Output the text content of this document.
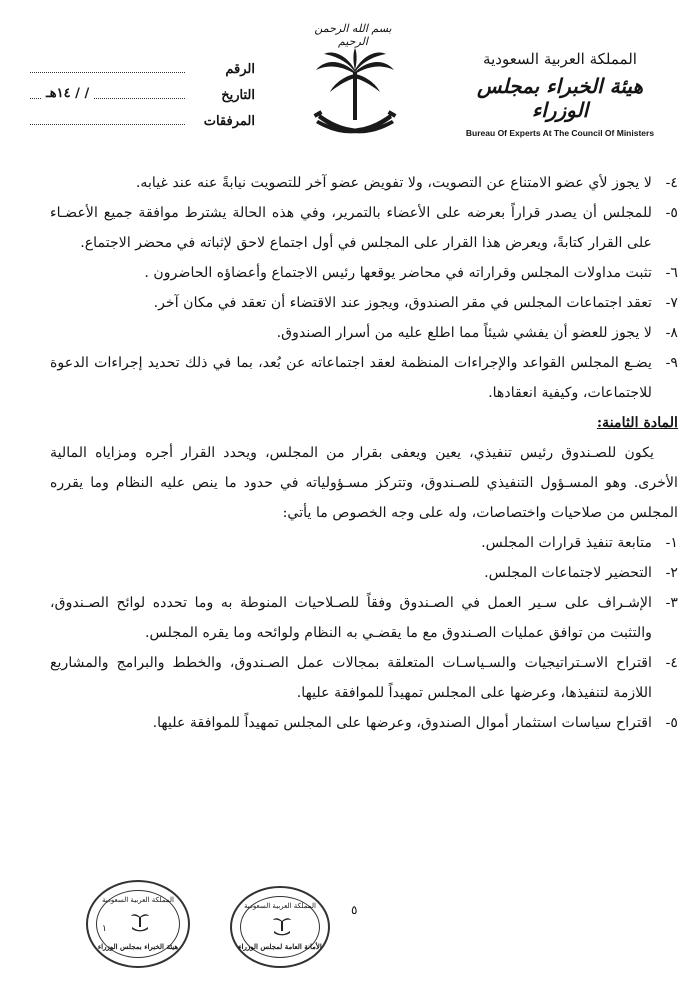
الرقم
التاريخ
/ / ١٤هـ
المرفقات
بسم الله الرحمن الرحيم
المملكة العربية السعودية
هيئة الخبراء بمجلس الوزراء
Bureau Of Experts At The Council Of Ministers

٤-
لا يجوز لأي عضو الامتناع عن التصويت، ولا تفويض عضو آخر للتصويت نيابةً عنه عند غيابه.

٥-
للمجلس أن يصدر قراراً بعرضه على الأعضاء بالتمرير، وفي هذه الحالة يشترط موافقة جميع الأعضـاء على القرار كتابةً، ويعرض هذا القرار على المجلس في أول اجتماع لاحق لإثباته في محضر الاجتماع.

٦-
تثبت مداولات المجلس وقراراته في محاضر يوقعها رئيس الاجتماع وأعضاؤه الحاضرون .

٧-
تعقد اجتماعات المجلس في مقر الصندوق، ويجوز عند الاقتضاء أن تعقد في مكان آخر.

٨-
لا يجوز للعضو أن يفشي شيئاً مما اطلع عليه من أسرار الصندوق.

٩-
يضـع المجلس القواعد والإجراءات المنظمة لعقد اجتماعاته عن بُعد، بما في ذلك تحديد إجراءات الدعوة للاجتماعات، وكيفية انعقادها.

المادة الثامنة:

يكون للصـندوق رئيس تنفيذي، يعين ويعفى بقرار من المجلس، ويحدد القرار أجره ومزاياه المالية الأخرى. وهو المسـؤول التنفيذي للصـندوق، وتتركز مسـؤولياته في حدود ما ينص عليه النظام وما يقرره المجلس من صلاحيات واختصاصات، وله على وجه الخصوص ما يأتي:

١-
متابعة تنفيذ قرارات المجلس.

٢-
التحضير لاجتماعات المجلس.

٣-
الإشـراف على سـير العمل في الصـندوق وفقاً للصـلاحيات المنوطة به وما تحدده لوائح الصـندوق، والتثبت من توافق عمليات الصـندوق مع ما يقضـي به النظام ولوائحه وما يقره المجلس.

٤-
اقتراح الاسـتراتيجيات والسـياسـات المتعلقة بمجالات عمل الصـندوق، والخطط والبرامج والمشاريع اللازمة لتنفيذها، وعرضها على المجلس تمهيداً للموافقة عليها.

٥-
اقتراح سياسات استثمار أموال الصندوق، وعرضها على المجلس تمهيداً للموافقة عليها.

المملكة العربية السعودية
١
هيئة الخبراء بمجلس الوزراء
المملكة العربية السعودية
الأمانة العامة لمجلس الوزراء
٥
